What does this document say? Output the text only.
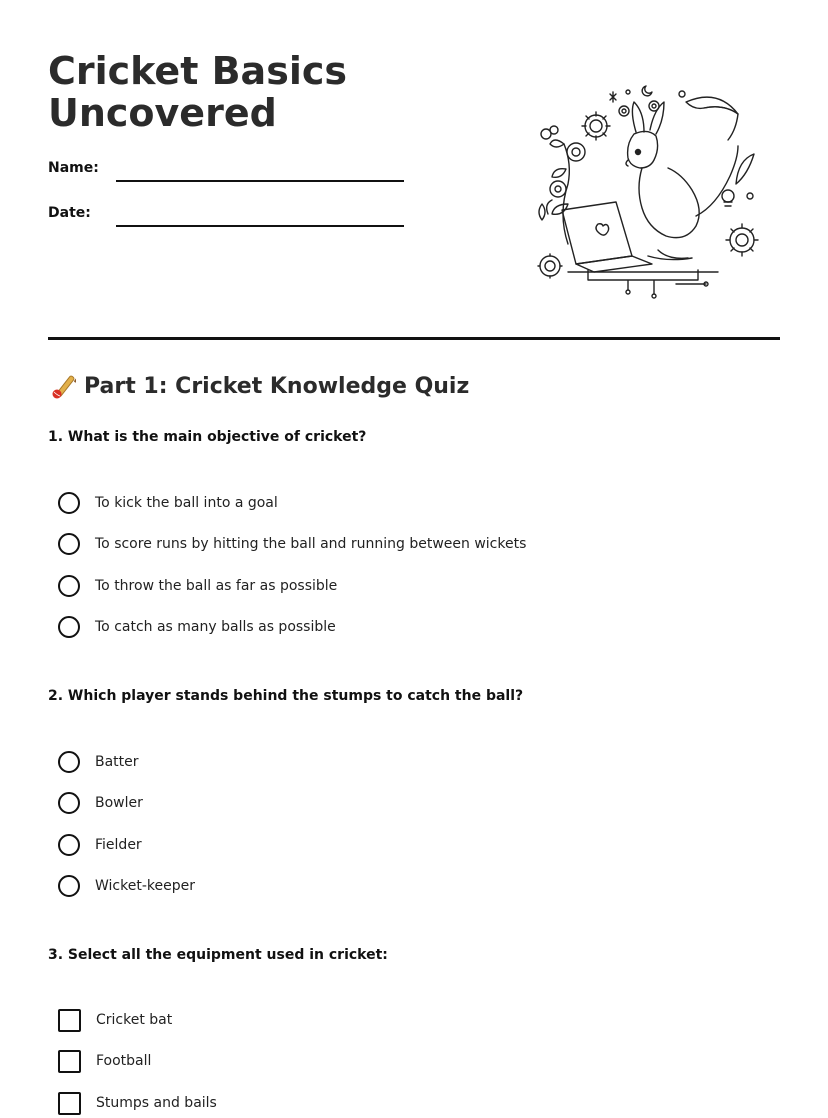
Cricket Basics
Uncovered
Name:
Date:
Part 1: Cricket Knowledge Quiz

1. What is the main objective of cricket?

To kick the ball into a goal
To score runs by hitting the ball and running between wickets
To throw the ball as far as possible
To catch as many balls as possible

2. Which player stands behind the stumps to catch the ball?

Batter
Bowler
Fielder
Wicket-keeper

3. Select all the equipment used in cricket:

Cricket bat
Football
Stumps and bails
